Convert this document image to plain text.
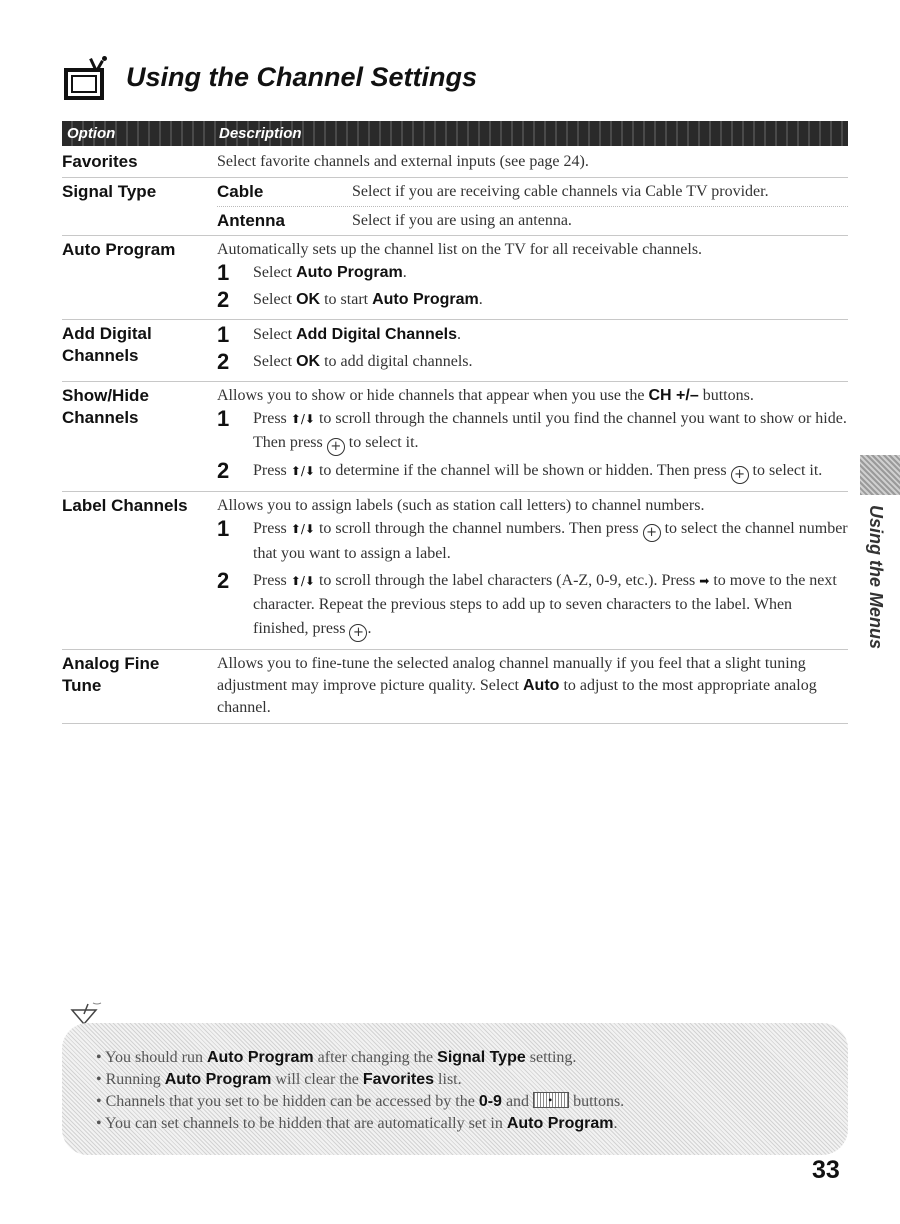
Using the Channel Settings
Option	Description
Favorites	Select favorite channels and external inputs (see page 24).
Signal Type	Cable	Select if you are receiving cable channels via Cable TV provider.
Antenna	Select if you are using an antenna.
Auto Program	Automatically sets up the channel list on the TV for all receivable channels.
1	Select Auto Program.
2	Select OK to start Auto Program.
Add Digital
Channels
1	Select Add Digital Channels.
2	Select OK to add digital channels.
Show/Hide
Channels
Allows you to show or hide channels that appear when you use the CH +/– buttons.
1	Press ⬆/⬇ to scroll through the channels until you find the channel you want to show or hide. Then press + to select it.
2	Press ⬆/⬇ to determine if the channel will be shown or hidden. Then press + to select it.
Label Channels	Allows you to assign labels (such as station call letters) to channel numbers.
1	Press ⬆/⬇ to scroll through the channel numbers. Then press + to select the channel number that you want to assign a label.
2	Press ⬆/⬇ to scroll through the label characters (A-Z, 0-9, etc.). Press ➡ to move to the next character. Repeat the previous steps to add up to seven characters to the label. When finished, press + .
Analog Fine
Tune
Allows you to fine-tune the selected analog channel manually if you feel that a slight tuning adjustment may improve picture quality. Select Auto to adjust to the most appropriate analog channel.
Using the Menus
• You should run Auto Program after changing the Signal Type setting.
• Running Auto Program will clear the Favorites list.
• Channels that you set to be hidden can be accessed by the 0-9 and • buttons.
• You can set channels to be hidden that are automatically set in Auto Program.
33
